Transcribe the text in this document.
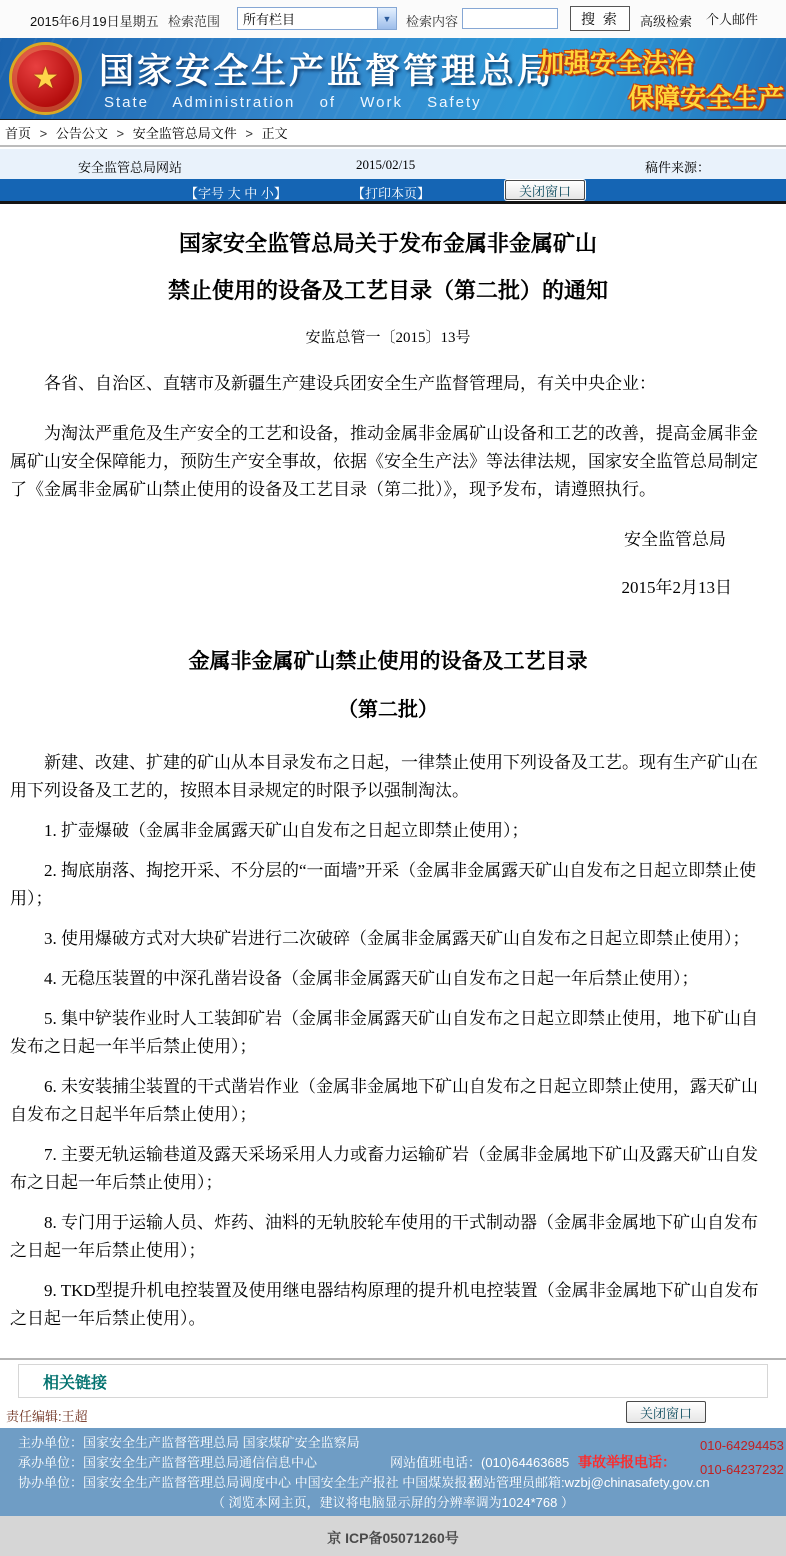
2015年6月19日星期五 检索范围	所有栏目	▼	检索内容	搜 索	高级检索 个人邮件
★ 国家安全生产监督管理总局
State Administration of Work Safety
加强安全法治
保障安全生产
首页 > 公告公文 > 安全监管总局文件 > 正文
安全监管总局网站	2015/02/15	稿件来源：
【字号 大 中 小】	【打印本页】	关闭窗口
国家安全监管总局关于发布金属非金属矿山
禁止使用的设备及工艺目录（第二批）的通知
安监总管一〔2015〕13号

各省、自治区、直辖市及新疆生产建设兵团安全生产监督管理局，有关中央企业：

为淘汰严重危及生产安全的工艺和设备，推动金属非金属矿山设备和工艺的改善，提高金属非金属矿山安全保障能力，预防生产安全事故，依据《安全生产法》等法律法规，国家安全监管总局制定了《金属非金属矿山禁止使用的设备及工艺目录（第二批）》，现予发布，请遵照执行。

安全监管总局
2015年2月13日
金属非金属矿山禁止使用的设备及工艺目录
（第二批）

新建、改建、扩建的矿山从本目录发布之日起，一律禁止使用下列设备及工艺。现有生产矿山在用下列设备及工艺的，按照本目录规定的时限予以强制淘汰。

1. 扩壶爆破（金属非金属露天矿山自发布之日起立即禁止使用）；

2. 掏底崩落、掏挖开采、不分层的“一面墙”开采（金属非金属露天矿山自发布之日起立即禁止使用）；

3. 使用爆破方式对大块矿岩进行二次破碎（金属非金属露天矿山自发布之日起立即禁止使用）；

4. 无稳压装置的中深孔凿岩设备（金属非金属露天矿山自发布之日起一年后禁止使用）；

5. 集中铲装作业时人工装卸矿岩（金属非金属露天矿山自发布之日起立即禁止使用，地下矿山自发布之日起一年半后禁止使用）；

6. 未安装捕尘装置的干式凿岩作业（金属非金属地下矿山自发布之日起立即禁止使用，露天矿山自发布之日起半年后禁止使用）；

7. 主要无轨运输巷道及露天采场采用人力或畜力运输矿岩（金属非金属地下矿山及露天矿山自发布之日起一年后禁止使用）；

8. 专门用于运输人员、炸药、油料的无轨胶轮车使用的干式制动器（金属非金属地下矿山自发布之日起一年后禁止使用）；

9. TKD型提升机电控装置及使用继电器结构原理的提升机电控装置（金属非金属地下矿山自发布之日起一年后禁止使用）。

相关链接
责任编辑:王超	关闭窗口
主办单位：国家安全生产监督管理总局 国家煤矿安全监察局
承办单位：国家安全生产监督管理总局通信信息中心	网站值班电话：(010)64463685
协办单位：国家安全生产监督管理总局调度中心 中国安全生产报社 中国煤炭报社
网站管理员邮箱:wzbj@chinasafety.gov.cn
（ 浏览本网主页，建议将电脑显示屏的分辨率调为1024*768 ）
事故举报电话：
010-64294453
010-64237232
京 ICP备05071260号
